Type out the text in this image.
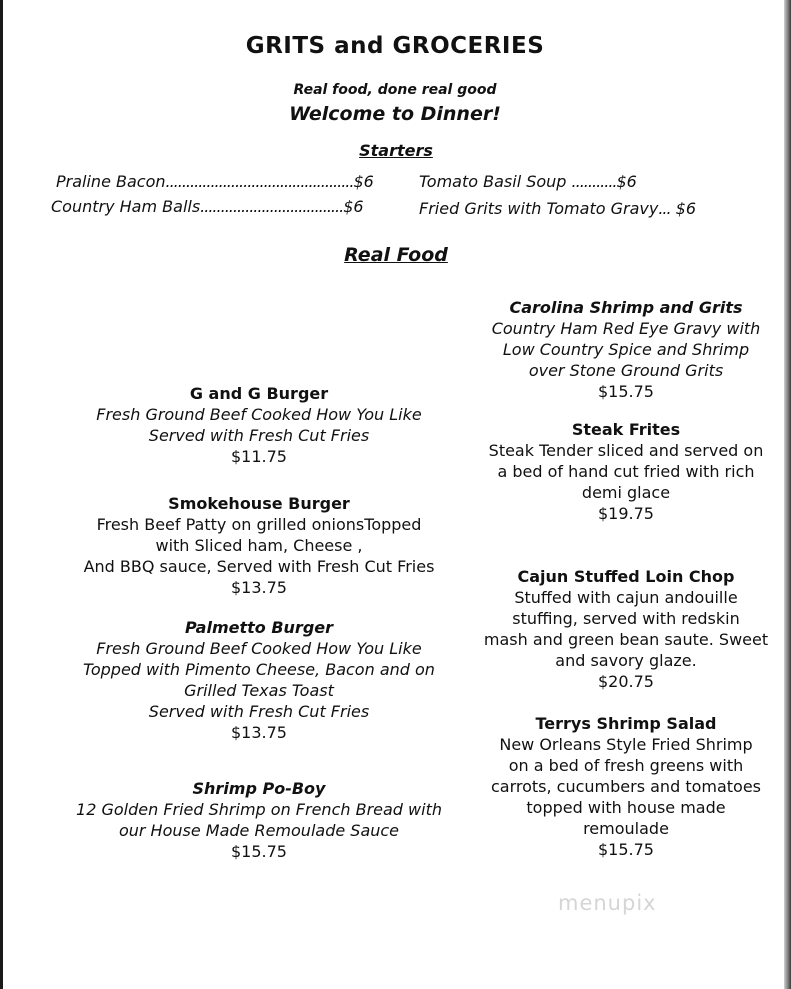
GRITS and GROCERIES
Real food, done real good
Welcome to Dinner!
Starters
Praline Bacon..............................................$6
Country Ham Balls...................................$6
Tomato Basil Soup ...........$6
Fried Grits with Tomato Gravy... $6
Real Food
G and G Burger
Fresh Ground Beef Cooked How You Like
Served with Fresh Cut Fries
$11.75
Smokehouse Burger
Fresh Beef Patty on grilled onionsTopped
with Sliced ham, Cheese ,
And BBQ sauce, Served with Fresh Cut Fries
$13.75
Palmetto Burger
Fresh Ground Beef Cooked How You Like
Topped with Pimento Cheese, Bacon and on
Grilled Texas Toast
Served with Fresh Cut Fries
$13.75
Shrimp Po-Boy
12 Golden Fried Shrimp on French Bread with
our House Made Remoulade Sauce
$15.75
Carolina Shrimp and Grits
Country Ham Red Eye Gravy with
Low Country Spice and Shrimp
over Stone Ground Grits
$15.75
Steak Frites
Steak Tender sliced and served on
a bed of hand cut fried with rich
demi glace
$19.75
Cajun Stuffed Loin Chop
Stuffed with cajun andouille
stuffing, served with redskin
mash and green bean saute. Sweet
and savory glaze.
$20.75
Terrys Shrimp Salad
New Orleans Style Fried Shrimp
on a bed of fresh greens with
carrots, cucumbers and tomatoes
topped with house made
remoulade
$15.75
menupix
